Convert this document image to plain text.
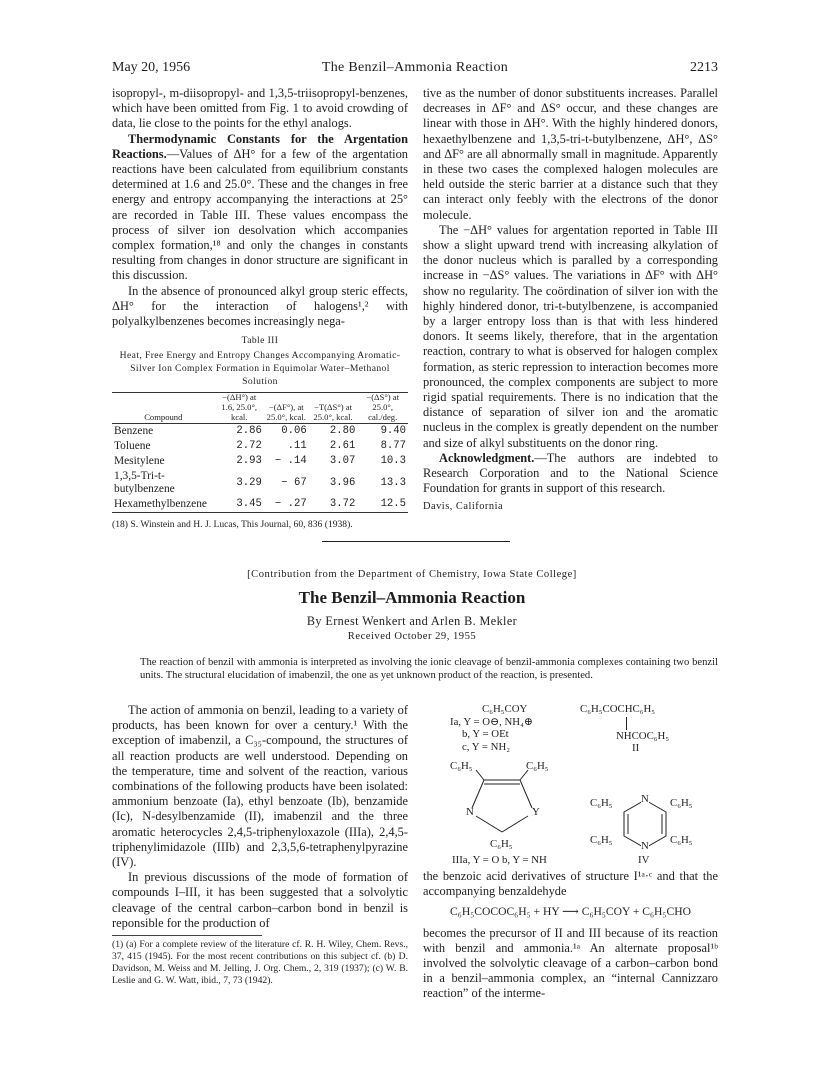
May 20, 1956	The Benzil–Ammonia Reaction	2213

isopropyl-, m-diisopropyl- and 1,3,5-triisopropyl-benzenes, which have been omitted from Fig. 1 to avoid crowding of data, lie close to the points for the ethyl analogs.

Thermodynamic Constants for the Argentation Reactions.—Values of ΔH° for a few of the argentation reactions have been calculated from equilibrium constants determined at 1.6 and 25.0°. These and the changes in free energy and entropy accompanying the interactions at 25° are recorded in Table III. These values encompass the process of silver ion desolvation which accompanies complex formation,¹⁸ and only the changes in constants resulting from changes in donor structure are significant in this discussion.

In the absence of pronounced alkyl group steric effects, ΔH° for the interaction of halogens¹,² with polyalkylbenzenes becomes increasingly nega-

Table III
Heat, Free Energy and Entropy Changes Accompanying Aromatic-Silver Ion Complex Formation in Equimolar Water–Methanol Solution
Compound	−(ΔH°) at 1.6, 25.0°, kcal.	−(ΔF°), at 25.0°, kcal.	−T(ΔS°) at 25.0°, kcal.	−(ΔS°) at 25.0°, cal./deg.
Benzene	2.86	0.06	2.80	9.40
Toluene	2.72	.11	2.61	8.77
Mesitylene	2.93	− .14	3.07	10.3
1,3,5-Tri-t-butylbenzene	3.29	− 67	3.96	13.3
Hexamethylbenzene	3.45	− .27	3.72	12.5
(18) S. Winstein and H. J. Lucas, This Journal, 60, 836 (1938).

tive as the number of donor substituents increases. Parallel decreases in ΔF° and ΔS° occur, and these changes are linear with those in ΔH°. With the highly hindered donors, hexaethylbenzene and 1,3,5-tri-t-butylbenzene, ΔH°, ΔS° and ΔF° are all abnormally small in magnitude. Apparently in these two cases the complexed halogen molecules are held outside the steric barrier at a distance such that they can interact only feebly with the electrons of the donor molecule.

The −ΔH° values for argentation reported in Table III show a slight upward trend with increasing alkylation of the donor nucleus which is paralled by a corresponding increase in −ΔS° values. The variations in ΔF° with ΔH° show no regularity. The coördination of silver ion with the highly hindered donor, tri-t-butylbenzene, is accompanied by a larger entropy loss than is that with less hindered donors. It seems likely, therefore, that in the argentation reaction, contrary to what is observed for halogen complex formation, as steric repression to interaction becomes more pronounced, the complex components are subject to more rigid spatial requirements. There is no indication that the distance of separation of silver ion and the aromatic nucleus in the complex is greatly dependent on the number and size of alkyl substituents on the donor ring.

Acknowledgment.—The authors are indebted to Research Corporation and to the National Science Foundation for grants in support of this research.

Davis, California

[Contribution from the Department of Chemistry, Iowa State College]
The Benzil–Ammonia Reaction
By Ernest Wenkert and Arlen B. Mekler
Received October 29, 1955
The reaction of benzil with ammonia is interpreted as involving the ionic cleavage of benzil-ammonia complexes containing two benzil units. The structural elucidation of imabenzil, the one as yet unknown product of the reaction, is presented.

The action of ammonia on benzil, leading to a variety of products, has been known for over a century.¹ With the exception of imabenzil, a C₃₅-compound, the structures of all reaction products are well understood. Depending on the temperature, time and solvent of the reaction, various combinations of the following products have been isolated: ammonium benzoate (Ia), ethyl benzoate (Ib), benzamide (Ic), N-desylbenzamide (II), imabenzil and the three aromatic heterocycles 2,4,5-triphenyloxazole (IIIa), 2,4,5-triphenylimidazole (IIIb) and 2,3,5,6-tetraphenylpyrazine (IV).

In previous discussions of the mode of formation of compounds I–III, it has been suggested that a solvolytic cleavage of the central carbon–carbon bond in benzil is reponsible for the production of

(1) (a) For a complete review of the literature cf. R. H. Wiley, Chem. Revs., 37, 415 (1945). For the most recent contributions on this subject cf. (b) D. Davidson, M. Weiss and M. Jelling, J. Org. Chem., 2, 319 (1937); (c) W. B. Leslie and G. W. Watt, ibid., 7, 73 (1942).
C₆H₅COY
Ia, Y = O⊖, NH₄⊕
b, Y = OEt
c, Y = NH₂
C₆H₅COCHC₆H₅
NHCOC₆H₅
II
C₆H₅	C₆H₅
N	Y
C₆H₅
IIIa, Y = O b, Y = NH
C₆H₅	C₆H₅
C₆H₅	C₆H₅
N
N
IV

the benzoic acid derivatives of structure I¹ᵃ·ᶜ and that the accompanying benzaldehyde

C₆H₅COCOC₆H₅ + HY ⟶ C₆H₅COY + C₆H₅CHO

becomes the precursor of II and III because of its reaction with benzil and ammonia.¹ᵃ An alternate proposal¹ᵇ involved the solvolytic cleavage of a carbon–carbon bond in a benzil–ammonia complex, an “internal Cannizzaro reaction” of the interme-
